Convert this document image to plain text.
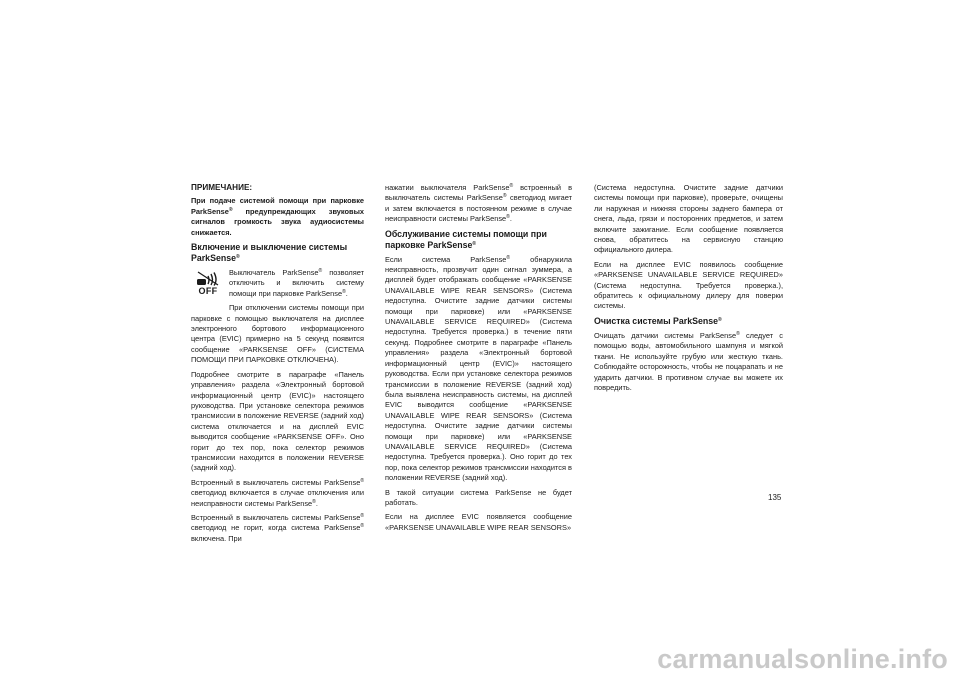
ПРИМЕЧАНИЕ:

При подаче системой помощи при парковке ParkSense® предупреждающих звуковых сигналов громкость звука аудиосистемы снижается.

Включение и выключение системы ParkSense®
OFF

Выключатель ParkSense® позволяет отключить и включить систему помощи при парковке ParkSense®.

При отключении системы помощи при парковке с помощью выключателя на дисплее электронного бортового информационного центра (EVIC) примерно на 5 секунд появится сообщение «PARKSENSE OFF» (СИСТЕМА ПОМОЩИ ПРИ ПАРКОВКЕ ОТКЛЮЧЕНА).

Подробнее смотрите в параграфе «Панель управления» раздела «Электронный бортовой информационный центр (EVIC)» настоящего руководства. При установке селектора режимов трансмиссии в положение REVERSE (задний ход) система отключается и на дисплей EVIC выводится сообщение «PARKSENSE OFF». Оно горит до тех пор, пока селектор режимов трансмиссии находится в положении REVERSE (задний ход).

Встроенный в выключатель системы ParkSense® светодиод включается в случае отключения или неисправности системы ParkSense®.

Встроенный в выключатель системы ParkSense® светодиод не горит, когда система ParkSense® включена. При

нажатии выключателя ParkSense® встроенный в выключатель системы ParkSense® светодиод мигает и затем включается в постоянном режиме в случае неисправности системы ParkSense®.

Обслуживание системы помощи при парковке ParkSense®

Если система ParkSense® обнаружила неисправность, прозвучит один сигнал зуммера, а дисплей будет отображать сообщение «PARKSENSE UNAVAILABLE WIPE REAR SENSORS» (Система недоступна. Очистите задние датчики системы помощи при парковке) или «PARKSENSE UNAVAILABLE SERVICE REQUIRED» (Система недоступна. Требуется проверка.) в течение пяти секунд. Подробнее смотрите в параграфе «Панель управления» раздела «Электронный бортовой информационный центр (EVIC)» настоящего руководства. Если при установке селектора режимов трансмиссии в положение REVERSE (задний ход) была выявлена неисправность системы, на дисплей EVIC выводится сообщение «PARKSENSE UNAVAILABLE WIPE REAR SENSORS» (Система недоступна. Очистите задние датчики системы помощи при парковке) или «PARKSENSE UNAVAILABLE SERVICE REQUIRED» (Система недоступна. Требуется проверка.). Оно горит до тех пор, пока селектор режимов трансмиссии находится в положении REVERSE (задний ход).

В такой ситуации система ParkSense не будет работать.

Если на дисплее EVIC появляется сообщение «PARKSENSE UNAVAILABLE WIPE REAR SENSORS»

(Система недоступна. Очистите задние датчики системы помощи при парковке), проверьте, очищены ли наружная и нижняя стороны заднего бампера от снега, льда, грязи и посторонних предметов, и затем включите зажигание. Если сообщение появляется снова, обратитесь на сервисную станцию официального дилера.

Если на дисплее EVIC появилось сообщение «PARKSENSE UNAVAILABLE SERVICE REQUIRED» (Система недоступна. Требуется проверка.), обратитесь к официальному дилеру для поверки системы.

Очистка системы ParkSense®

Очищать датчики системы ParkSense® следует с помощью воды, автомобильного шампуня и мягкой ткани. Не используйте грубую или жесткую ткань. Соблюдайте осторожность, чтобы не поцарапать и не ударить датчики. В противном случае вы можете их повредить.

135
carmanualsonline.info
